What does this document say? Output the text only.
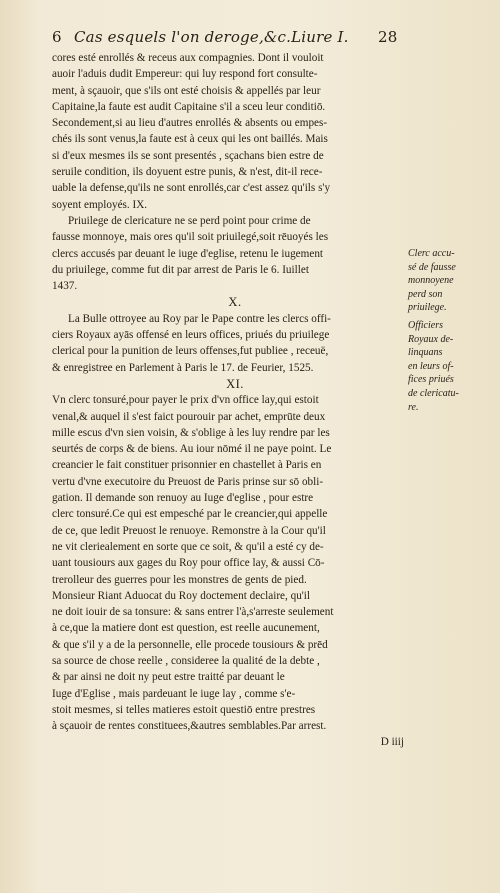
6 Cas esquels l'on deroge,&c.Liure I. 28
cores esté enrollés & receus aux compagnies. Dont il vouloit
auoir l'aduis dudit Empereur: qui luy respond fort consulte-
ment, à sçauoir, que s'ils ont esté choisis & appellés par leur
Capitaine,la faute est audit Capitaine s'il a sceu leur conditiō.
Secondement,si au lieu d'autres enrollés & absents ou empes-
chés ils sont venus,la faute est à ceux qui les ont baillés. Mais
si d'eux mesmes ils se sont presentés , sçachans bien estre de
seruile condition, ils doyuent estre punis, & n'est, dit-il rece-
uable la defense,qu'ils ne sont enrollés,car c'est assez qu'ils s'y
soyent employés. IX.
Priuilege de clericature ne se perd point pour crime de
fausse monnoye, mais ores qu'il soit priuilegé,soit rēuoyés les
clercs accusés par deuant le iuge d'eglise, retenu le iugement
du priuilege, comme fut dit par arrest de Paris le 6. Iuillet
1437.
X.
La Bulle ottroyee au Roy par le Pape contre les clercs offi-
ciers Royaux ayās offensé en leurs offices, priués du priuilege
clerical pour la punition de leurs offenses,fut publiee , receuë,
& enregistree en Parlement à Paris le 17. de Feurier, 1525.
XI.
Vn clerc tonsuré,pour payer le prix d'vn office lay,qui estoit
venal,& auquel il s'est faict pourouir par achet, emprūte deux
mille escus d'vn sien voisin, & s'oblige à les luy rendre par les
seurtés de corps & de biens. Au iour nōmé il ne paye point. Le
creancier le fait constituer prisonnier en chastellet à Paris en
vertu d'vne executoire du Preuost de Paris prinse sur sō obli-
gation. Il demande son renuoy au Iuge d'eglise , pour estre
clerc tonsuré.Ce qui est empesché par le creancier,qui appelle
de ce, que ledit Preuost le renuoye. Remonstre à la Cour qu'il
ne vit cleriealement en sorte que ce soit, & qu'il a esté cy de-
uant tousiours aux gages du Roy pour office lay, & aussi Cō-
trerolleur des guerres pour les monstres de gents de pied.
Monsieur Riant Aduocat du Roy doctement declaire, qu'il
ne doit iouir de sa tonsure: & sans entrer l'à,s'arreste seulement
à ce,que la matiere dont est question, est reelle aucunement,
& que s'il y a de la personnelle, elle procede tousiours & prēd
sa source de chose reelle , consideree la qualité de la debte ,
& par ainsi ne doit ny peut estre traitté par deuant le
Iuge d'Eglise , mais pardeuant le iuge lay , comme s'e-
stoit mesmes, si telles matieres estoit questiō entre prestres
à sçauoir de rentes constituees,&autres semblables.Par arrest.
D iiij
Clerc accu-
sé de fausse
monnoyene
perd son
priuilege.
Officiers
Royaux de-
linquans
en leurs of-
fices priués
de clericatu-
re.
